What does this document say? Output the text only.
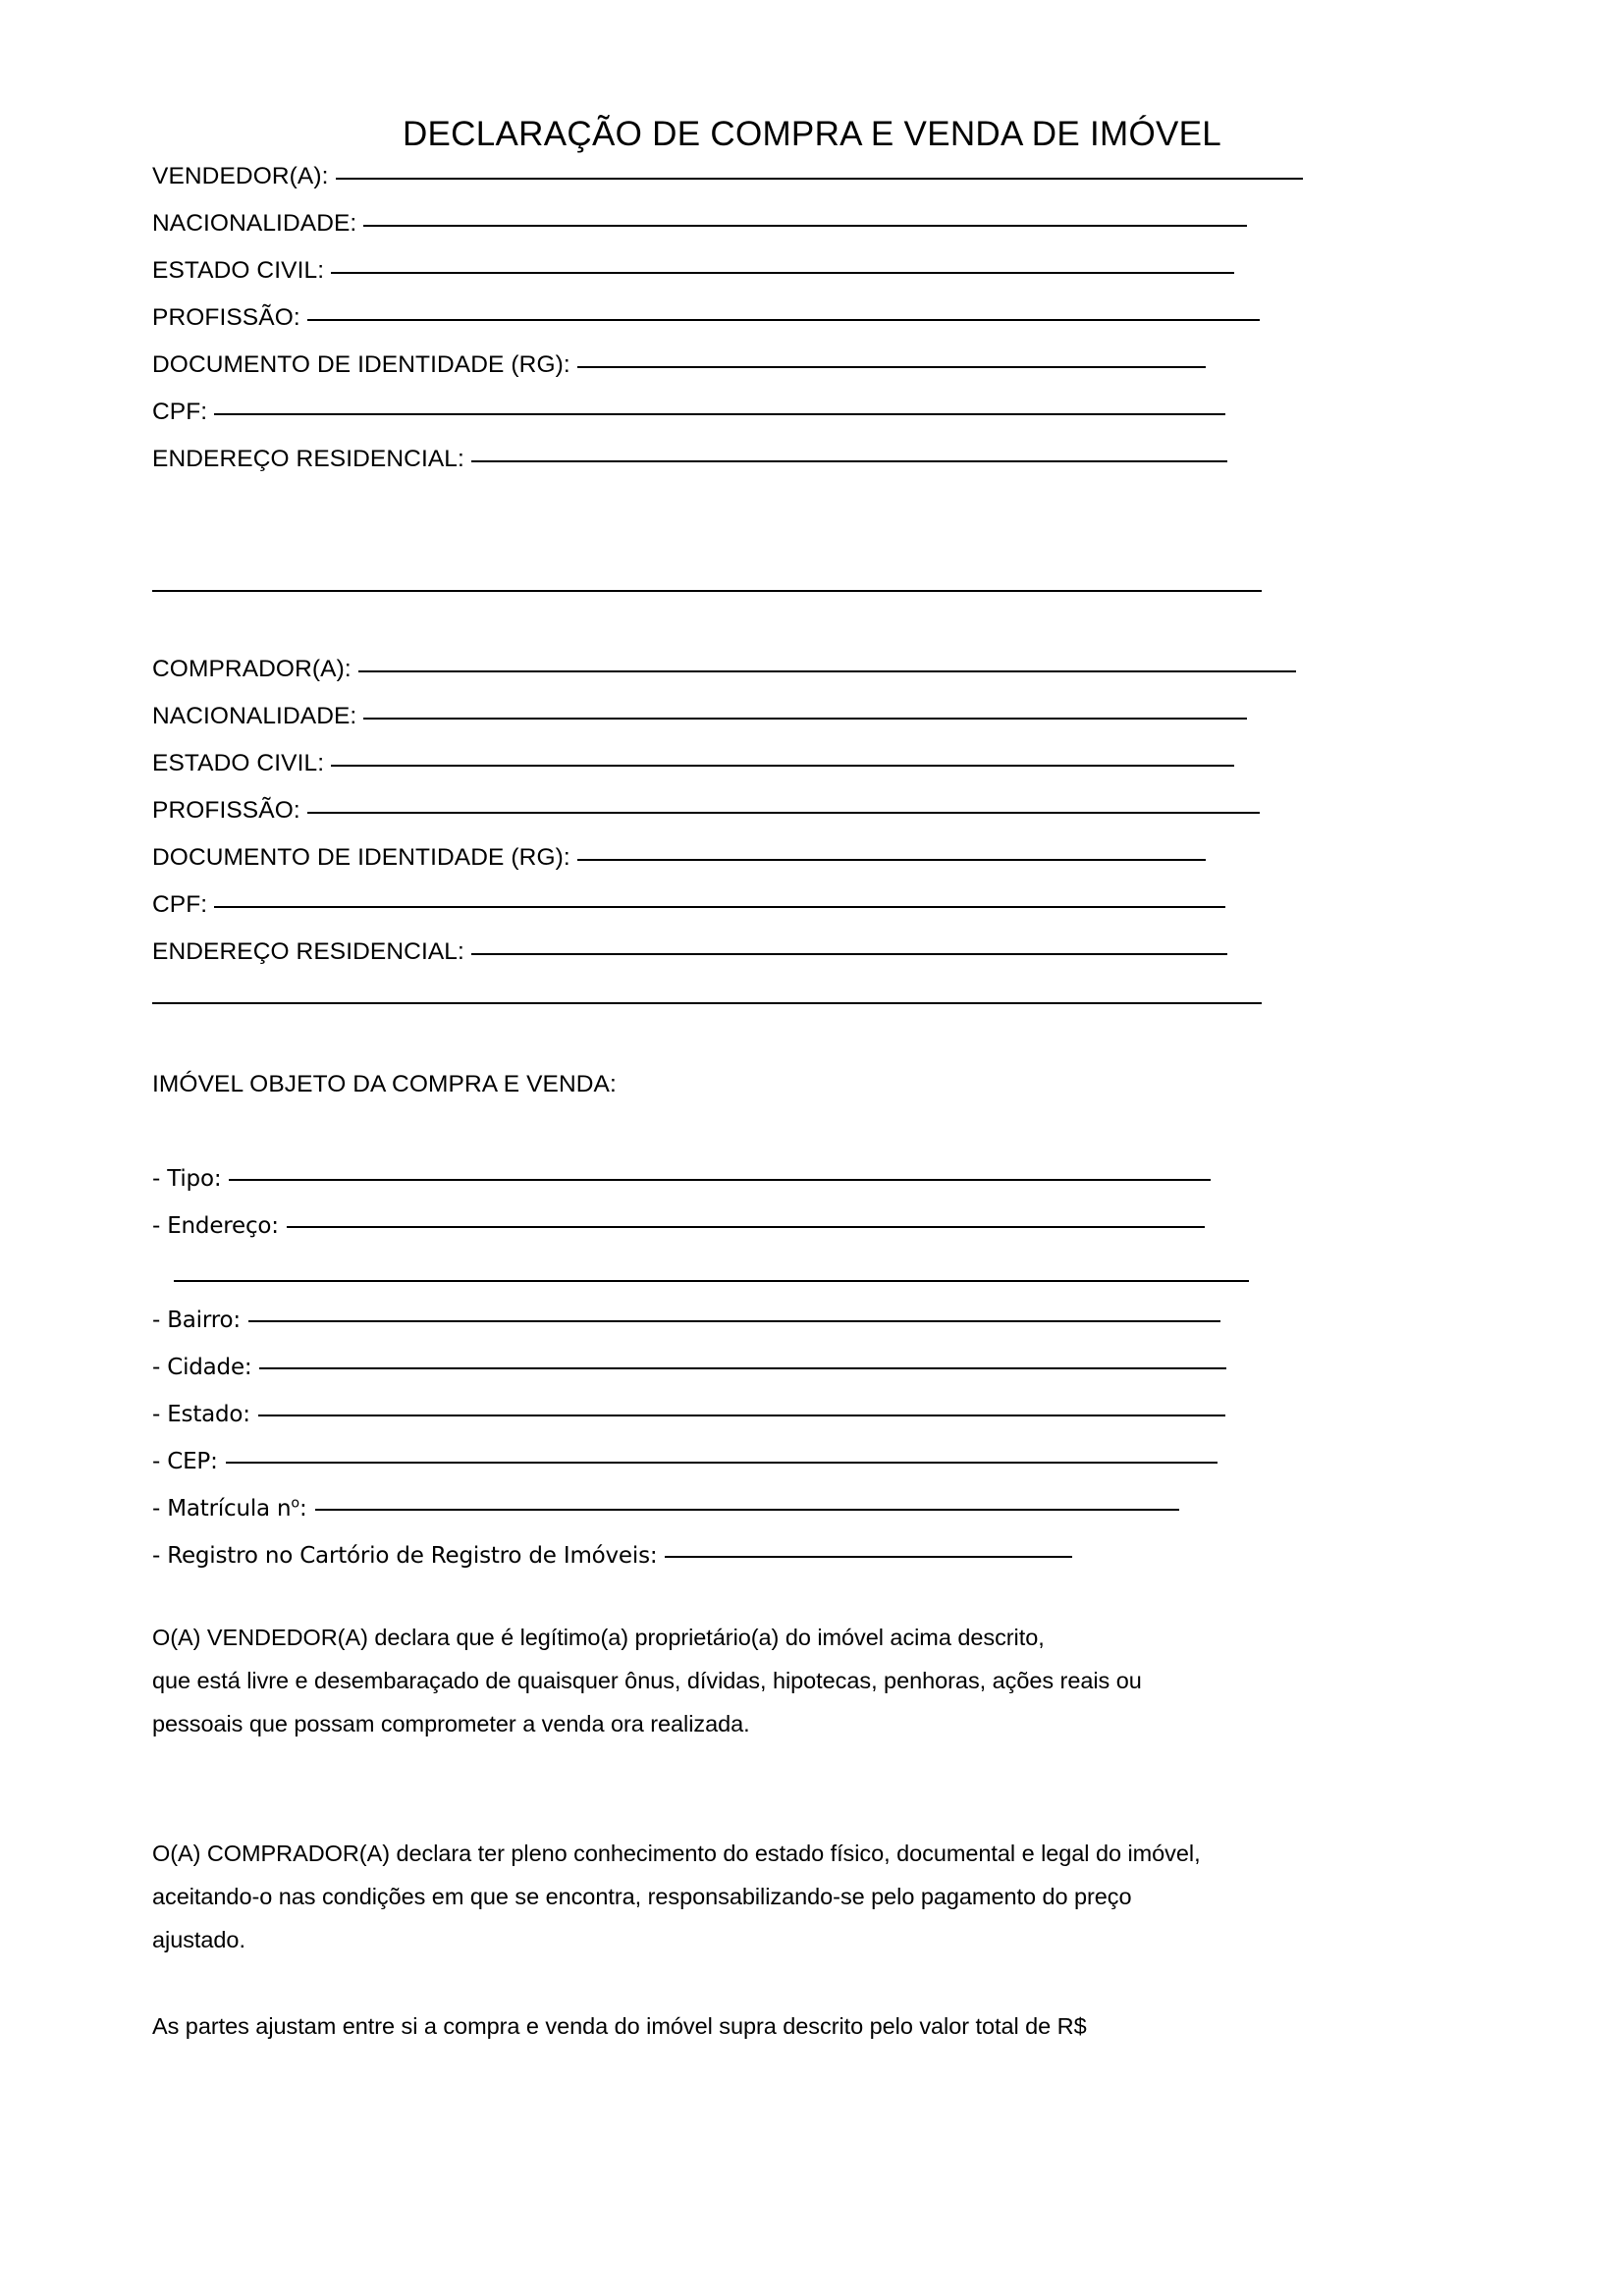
DECLARAÇÃO DE COMPRA E VENDA DE IMÓVEL
VENDEDOR(A):
NACIONALIDADE:
ESTADO CIVIL:
PROFISSÃO:
DOCUMENTO DE IDENTIDADE (RG):
CPF:
ENDEREÇO RESIDENCIAL:
COMPRADOR(A):
NACIONALIDADE:
ESTADO CIVIL:
PROFISSÃO:
DOCUMENTO DE IDENTIDADE (RG):
CPF:
ENDEREÇO RESIDENCIAL:
IMÓVEL OBJETO DA COMPRA E VENDA:
- Tipo:
- Endereço:
- Bairro:
- Cidade:
- Estado:
- CEP:
- Matrícula $n^o$:
- Registro no Cartório de Registro de Imóveis:
O(A) VENDEDOR(A) declara que é legítimo(a) proprietário(a) do imóvel acima descrito,
que está livre e desembaraçado de quaisquer ônus, dívidas, hipotecas, penhoras, ações reais ou
pessoais que possam comprometer a venda ora realizada.
O(A) COMPRADOR(A) declara ter pleno conhecimento do estado físico, documental e legal do imóvel,
aceitando-o nas condições em que se encontra, responsabilizando-se pelo pagamento do preço
ajustado.
As partes ajustam entre si a compra e venda do imóvel supra descrito pelo valor total de R$
